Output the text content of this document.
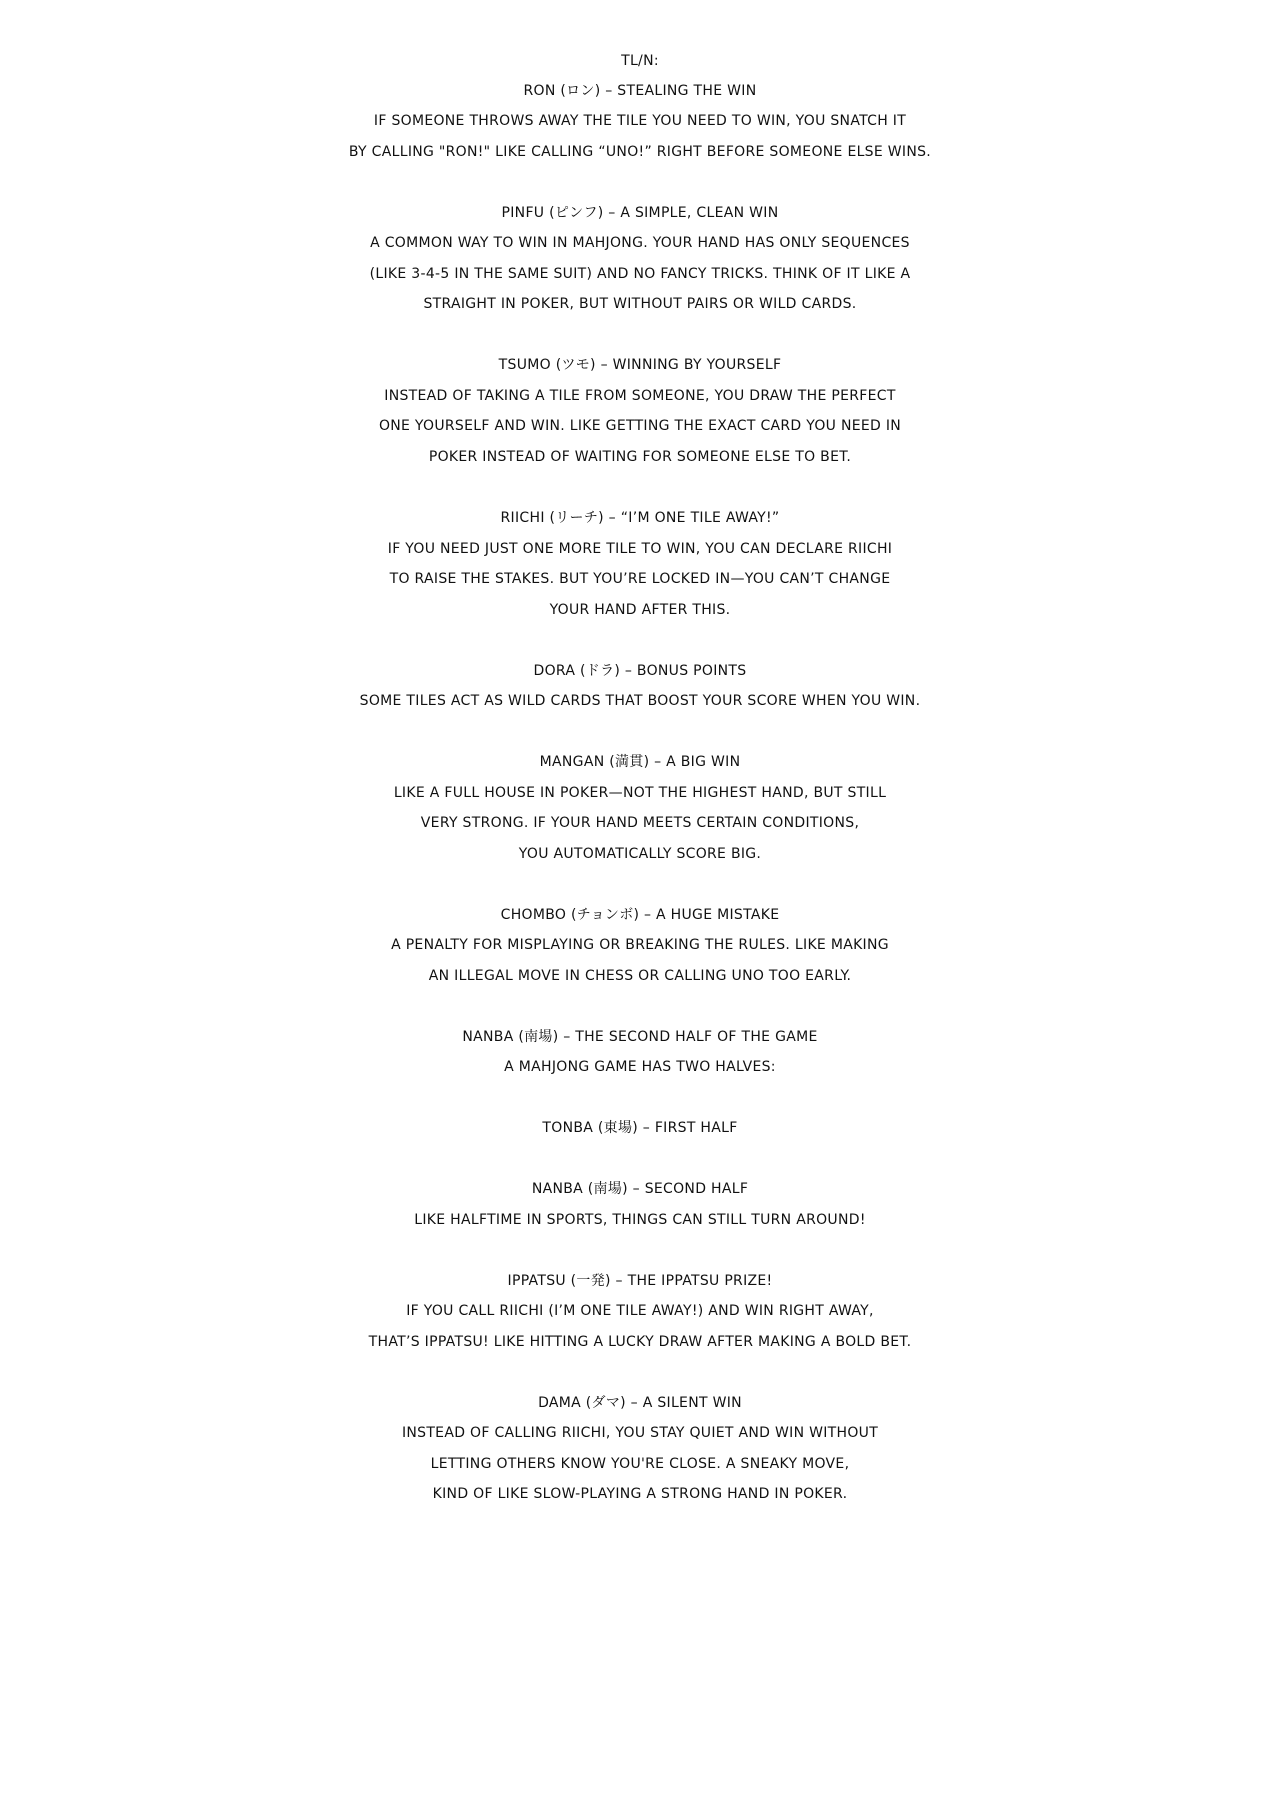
TL/N:
RON (ロン) – STEALING THE WIN
IF SOMEONE THROWS AWAY THE TILE YOU NEED TO WIN, YOU SNATCH IT
BY CALLING "RON!" LIKE CALLING “UNO!” RIGHT BEFORE SOMEONE ELSE WINS.
PINFU (ピンフ) – A SIMPLE, CLEAN WIN
A COMMON WAY TO WIN IN MAHJONG. YOUR HAND HAS ONLY SEQUENCES
(LIKE 3-4-5 IN THE SAME SUIT) AND NO FANCY TRICKS. THINK OF IT LIKE A
STRAIGHT IN POKER, BUT WITHOUT PAIRS OR WILD CARDS.
TSUMO (ツモ) – WINNING BY YOURSELF
INSTEAD OF TAKING A TILE FROM SOMEONE, YOU DRAW THE PERFECT
ONE YOURSELF AND WIN. LIKE GETTING THE EXACT CARD YOU NEED IN
POKER INSTEAD OF WAITING FOR SOMEONE ELSE TO BET.
RIICHI (リーチ) – “I’M ONE TILE AWAY!”
IF YOU NEED JUST ONE MORE TILE TO WIN, YOU CAN DECLARE RIICHI
TO RAISE THE STAKES. BUT YOU’RE LOCKED IN—YOU CAN’T CHANGE
YOUR HAND AFTER THIS.
DORA (ドラ) – BONUS POINTS
SOME TILES ACT AS WILD CARDS THAT BOOST YOUR SCORE WHEN YOU WIN.
MANGAN (満貫) – A BIG WIN
LIKE A FULL HOUSE IN POKER—NOT THE HIGHEST HAND, BUT STILL
VERY STRONG. IF YOUR HAND MEETS CERTAIN CONDITIONS,
YOU AUTOMATICALLY SCORE BIG.
CHOMBO (チョンボ) – A HUGE MISTAKE
A PENALTY FOR MISPLAYING OR BREAKING THE RULES. LIKE MAKING
AN ILLEGAL MOVE IN CHESS OR CALLING UNO TOO EARLY.
NANBA (南場) – THE SECOND HALF OF THE GAME
A MAHJONG GAME HAS TWO HALVES:
TONBA (東場) – FIRST HALF
NANBA (南場) – SECOND HALF
LIKE HALFTIME IN SPORTS, THINGS CAN STILL TURN AROUND!
IPPATSU (一発) – THE IPPATSU PRIZE!
IF YOU CALL RIICHI (I’M ONE TILE AWAY!) AND WIN RIGHT AWAY,
THAT’S IPPATSU! LIKE HITTING A LUCKY DRAW AFTER MAKING A BOLD BET.
DAMA (ダマ) – A SILENT WIN
INSTEAD OF CALLING RIICHI, YOU STAY QUIET AND WIN WITHOUT
LETTING OTHERS KNOW YOU'RE CLOSE. A SNEAKY MOVE,
KIND OF LIKE SLOW-PLAYING A STRONG HAND IN POKER.
